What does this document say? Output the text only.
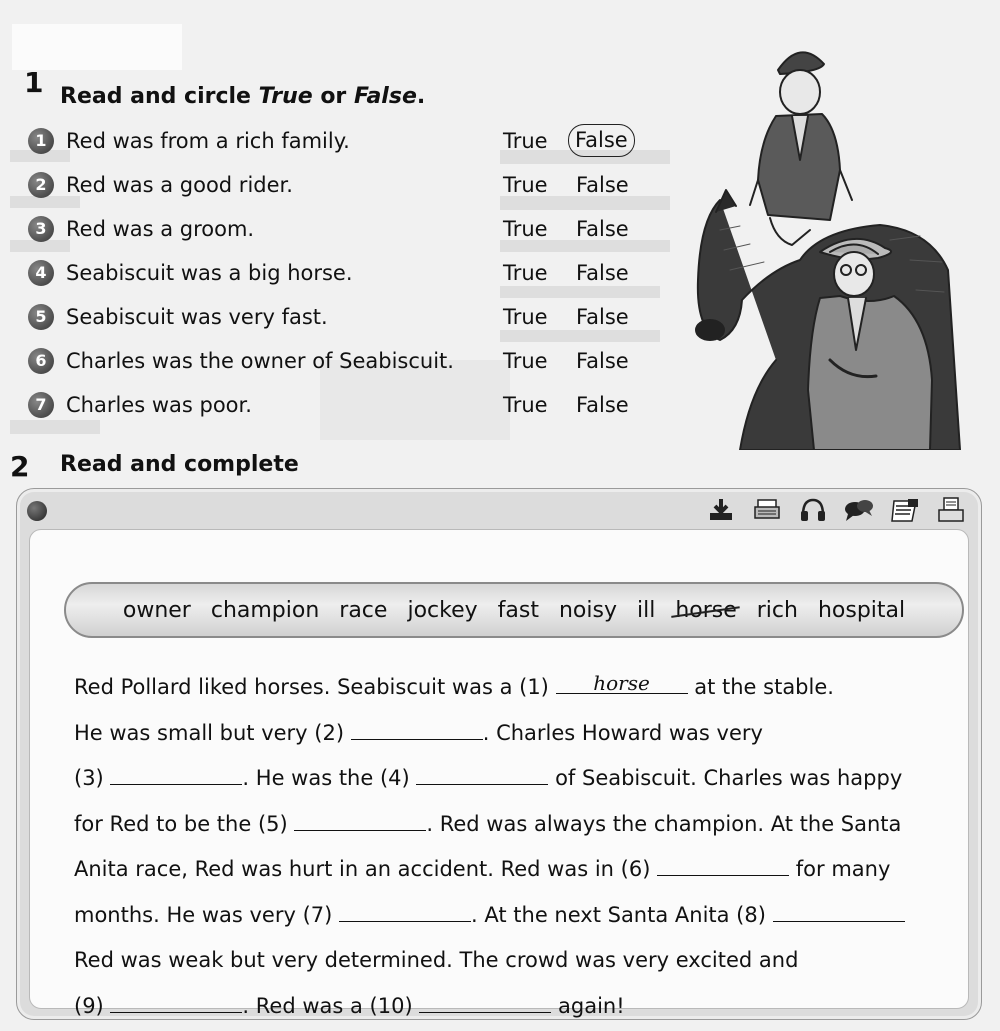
1 Read and circle True or False.
1 Red was from a rich family.	True	False
2 Red was a good rider.	True False
3 Red was a groom.	True False
4 Seabiscuit was a big horse.	True False
5 Seabiscuit was very fast.	True False
6 Charles was the owner of Seabiscuit. True False
7 Charles was poor.	True False
2 Read and complete
owner champion race jockey fast noisy ill horse rich hospital

Red Pollard liked horses. Seabiscuit was a (1)	horse	at the stable.

He was small but very (2)	. Charles Howard was very

(3)	. He was the (4)	of Seabiscuit. Charles was happy

for Red to be the (5)	. Red was always the champion. At the Santa

Anita race, Red was hurt in an accident. Red was in (6)	for many

months. He was very (7)	. At the next Santa Anita (8)

Red was weak but very determined. The crowd was very excited and

(9)	. Red was a (10)	again!
